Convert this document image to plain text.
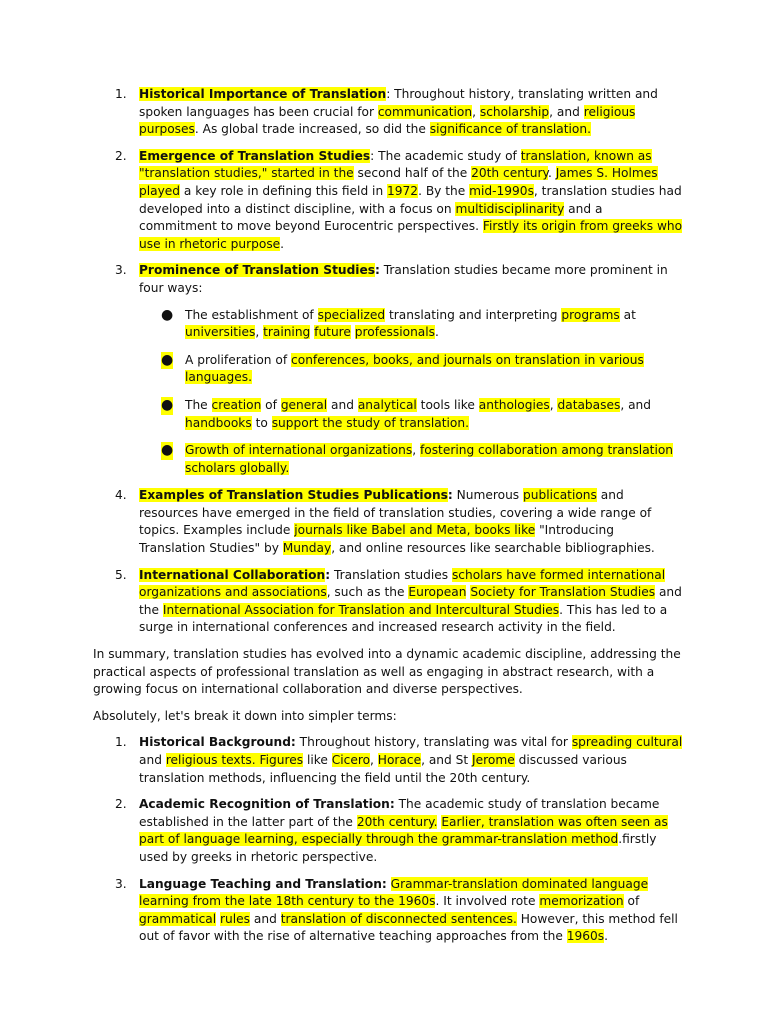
1. Historical Importance of Translation: Throughout history, translating written and spoken languages has been crucial for communication, scholarship, and religious purposes. As global trade increased, so did the significance of translation.
2. Emergence of Translation Studies: The academic study of translation, known as "translation studies," started in the second half of the 20th century. James S. Holmes played a key role in defining this field in 1972. By the mid-1990s, translation studies had developed into a distinct discipline, with a focus on multidisciplinarity and a commitment to move beyond Eurocentric perspectives. Firstly its origin from greeks who use in rhetoric purpose.
3. Prominence of Translation Studies: Translation studies became more prominent in four ways:
● The establishment of specialized translating and interpreting programs at universities, training future professionals.
● A proliferation of conferences, books, and journals on translation in various languages.
● The creation of general and analytical tools like anthologies, databases, and handbooks to support the study of translation.
● Growth of international organizations, fostering collaboration among translation scholars globally.
4. Examples of Translation Studies Publications: Numerous publications and resources have emerged in the field of translation studies, covering a wide range of topics. Examples include journals like Babel and Meta, books like "Introducing Translation Studies" by Munday, and online resources like searchable bibliographies.
5. International Collaboration: Translation studies scholars have formed international organizations and associations, such as the European Society for Translation Studies and the International Association for Translation and Intercultural Studies. This has led to a surge in international conferences and increased research activity in the field.

In summary, translation studies has evolved into a dynamic academic discipline, addressing the practical aspects of professional translation as well as engaging in abstract research, with a growing focus on international collaboration and diverse perspectives.

Absolutely, let's break it down into simpler terms:

1. Historical Background: Throughout history, translating was vital for spreading cultural and religious texts. Figures like Cicero, Horace, and St Jerome discussed various translation methods, influencing the field until the 20th century.
2. Academic Recognition of Translation: The academic study of translation became established in the latter part of the 20th century. Earlier, translation was often seen as part of language learning, especially through the grammar-translation method.firstly used by greeks in rhetoric perspective.
3. Language Teaching and Translation: Grammar-translation dominated language learning from the late 18th century to the 1960s. It involved rote memorization of grammatical rules and translation of disconnected sentences. However, this method fell out of favor with the rise of alternative teaching approaches from the 1960s.
